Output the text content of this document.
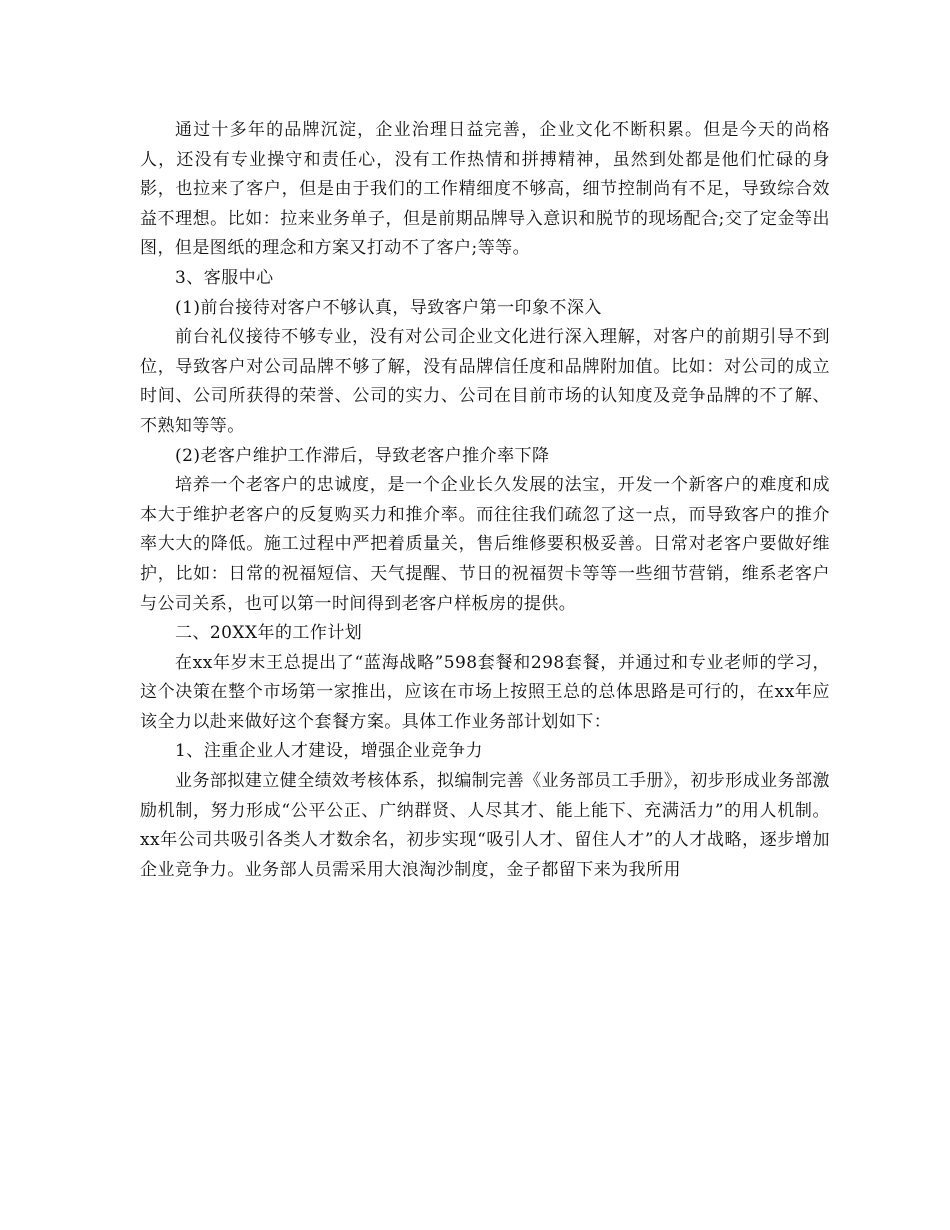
通过十多年的品牌沉淀，企业治理日益完善，企业文化不断积累。但是今天的尚格人，还没有专业操守和责任心，没有工作热情和拼搏精神，虽然到处都是他们忙碌的身影，也拉来了客户，但是由于我们的工作精细度不够高，细节控制尚有不足，导致综合效益不理想。比如：拉来业务单子，但是前期品牌导入意识和脱节的现场配合;交了定金等出图，但是图纸的理念和方案又打动不了客户;等等。

3、客服中心

(1)前台接待对客户不够认真，导致客户第一印象不深入

前台礼仪接待不够专业，没有对公司企业文化进行深入理解，对客户的前期引导不到位，导致客户对公司品牌不够了解，没有品牌信任度和品牌附加值。比如：对公司的成立时间、公司所获得的荣誉、公司的实力、公司在目前市场的认知度及竞争品牌的不了解、不熟知等等。

(2)老客户维护工作滞后，导致老客户推介率下降

培养一个老客户的忠诚度，是一个企业长久发展的法宝，开发一个新客户的难度和成本大于维护老客户的反复购买力和推介率。而往往我们疏忽了这一点，而导致客户的推介率大大的降低。施工过程中严把着质量关，售后维修要积极妥善。日常对老客户要做好维护，比如：日常的祝福短信、天气提醒、节日的祝福贺卡等等一些细节营销，维系老客户与公司关系，也可以第一时间得到老客户样板房的提供。

二、20XX年的工作计划

在xx年岁末王总提出了“蓝海战略”598套餐和298套餐，并通过和专业老师的学习，这个决策在整个市场第一家推出，应该在市场上按照王总的总体思路是可行的，在xx年应该全力以赴来做好这个套餐方案。具体工作业务部计划如下：

1、注重企业人才建设，增强企业竞争力

业务部拟建立健全绩效考核体系，拟编制完善《业务部员工手册》，初步形成业务部激励机制，努力形成“公平公正、广纳群贤、人尽其才、能上能下、充满活力”的用人机制。xx年公司共吸引各类人才数余名，初步实现“吸引人才、留住人才”的人才战略，逐步增加企业竞争力。业务部人员需采用大浪淘沙制度，金子都留下来为我所用
